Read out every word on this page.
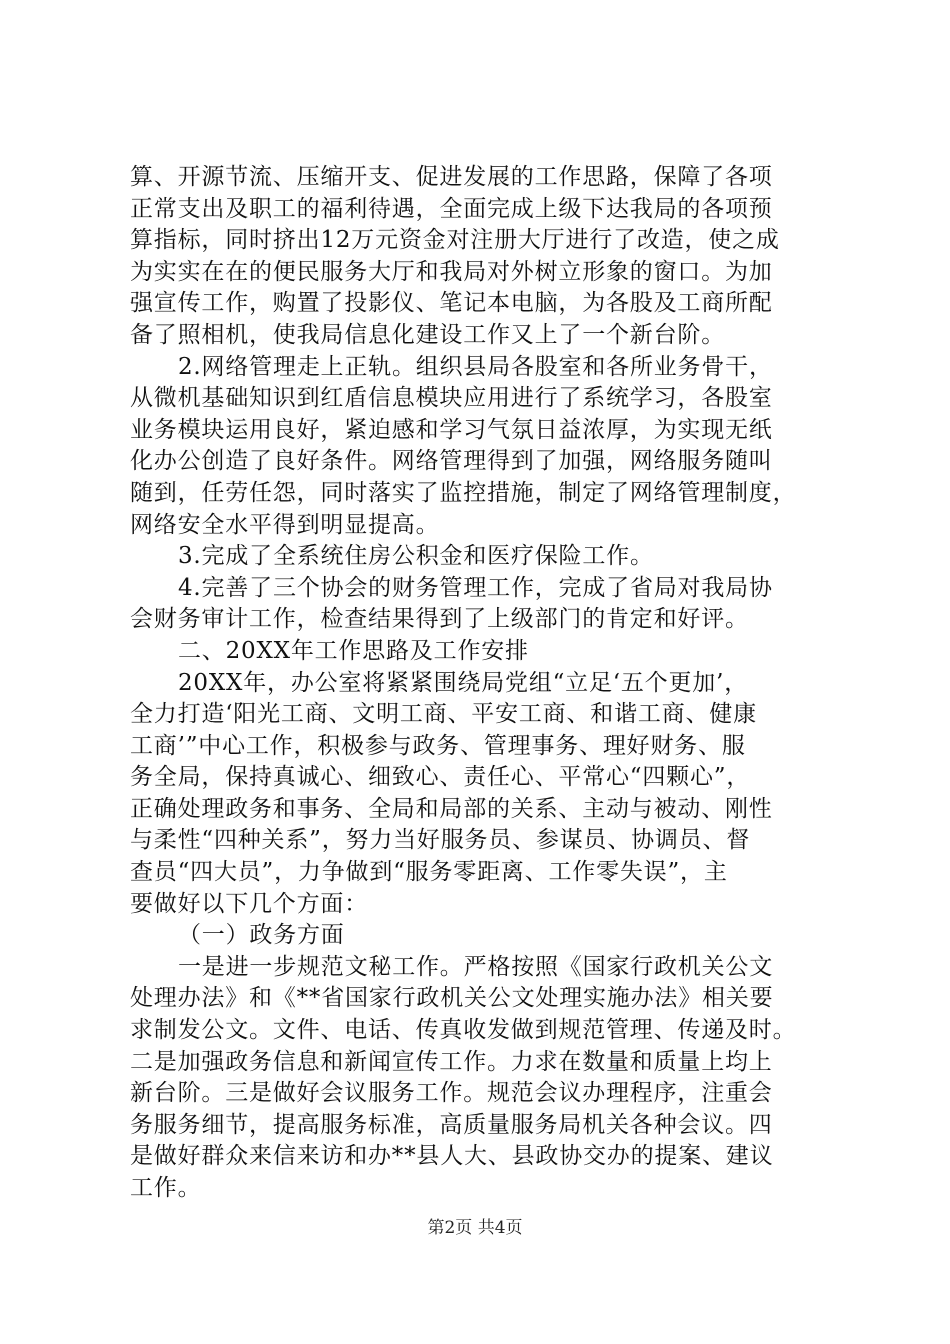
算、开源节流、压缩开支、促进发展的工作思路，保障了各项
正常支出及职工的福利待遇，全面完成上级下达我局的各项预
算指标，同时挤出12万元资金对注册大厅进行了改造，使之成
为实实在在的便民服务大厅和我局对外树立形象的窗口。为加
强宣传工作，购置了投影仪、笔记本电脑，为各股及工商所配
备了照相机，使我局信息化建设工作又上了一个新台阶。
2.网络管理走上正轨。组织县局各股室和各所业务骨干，
从微机基础知识到红盾信息模块应用进行了系统学习，各股室
业务模块运用良好，紧迫感和学习气氛日益浓厚，为实现无纸
化办公创造了良好条件。网络管理得到了加强，网络服务随叫
随到，任劳任怨，同时落实了监控措施，制定了网络管理制度，
网络安全水平得到明显提高。
3.完成了全系统住房公积金和医疗保险工作。
4.完善了三个协会的财务管理工作，完成了省局对我局协
会财务审计工作，检查结果得到了上级部门的肯定和好评。
二、20XX年工作思路及工作安排
20XX年，办公室将紧紧围绕局党组“立足‘五个更加’，
全力打造‘阳光工商、文明工商、平安工商、和谐工商、健康
工商’”中心工作，积极参与政务、管理事务、理好财务、服
务全局，保持真诚心、细致心、责任心、平常心“四颗心”，
正确处理政务和事务、全局和局部的关系、主动与被动、刚性
与柔性“四种关系”，努力当好服务员、参谋员、协调员、督
查员“四大员”，力争做到“服务零距离、工作零失误”，主
要做好以下几个方面：
（一）政务方面
一是进一步规范文秘工作。严格按照《国家行政机关公文
处理办法》和《**省国家行政机关公文处理实施办法》相关要
求制发公文。文件、电话、传真收发做到规范管理、传递及时。
二是加强政务信息和新闻宣传工作。力求在数量和质量上均上
新台阶。三是做好会议服务工作。规范会议办理程序，注重会
务服务细节，提高服务标准，高质量服务局机关各种会议。四
是做好群众来信来访和办**县人大、县政协交办的提案、建议
工作。
第2页 共4页
